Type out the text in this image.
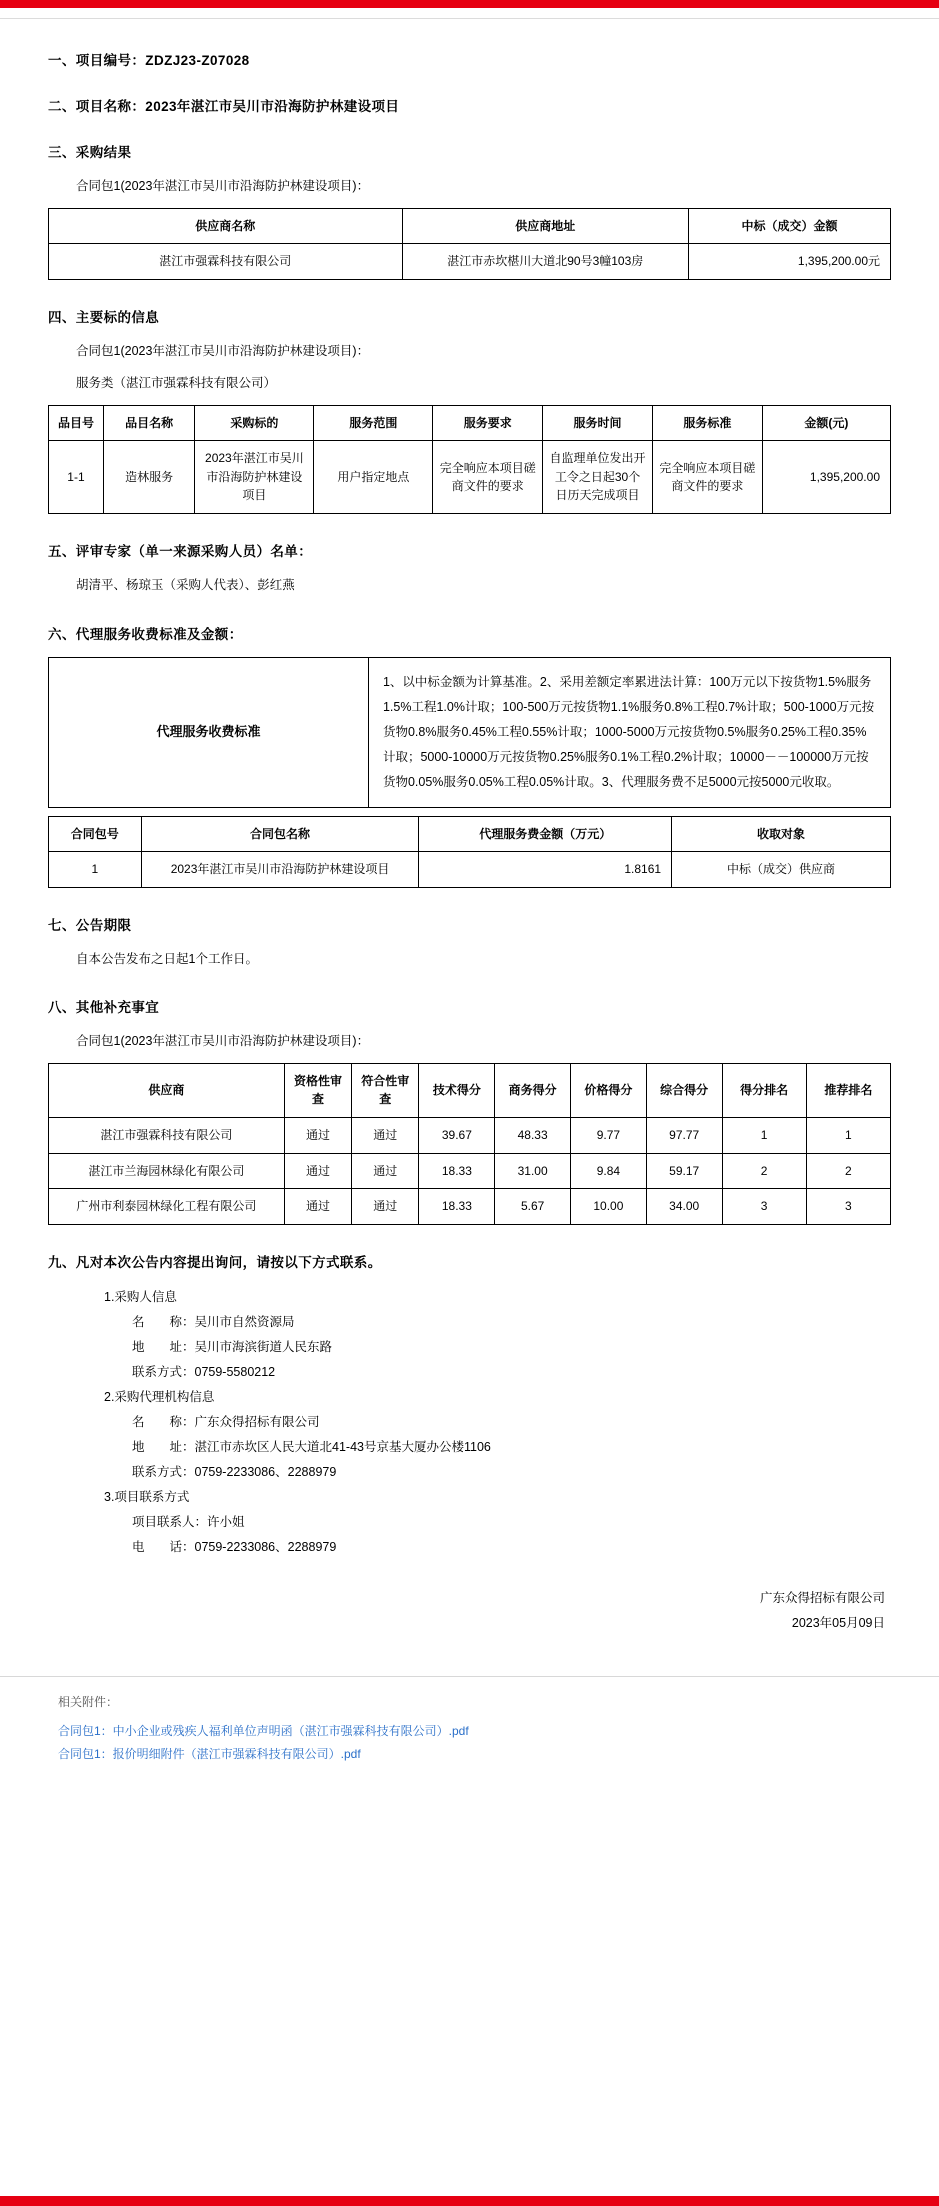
一、项目编号：ZDZJ23-Z07028
二、项目名称：2023年湛江市吴川市沿海防护林建设项目
三、采购结果
合同包1(2023年湛江市吴川市沿海防护林建设项目)：
供应商名称	供应商地址	中标（成交）金额
湛江市强霖科技有限公司	湛江市赤坎椹川大道北90号3幢103房	1,395,200.00元
四、主要标的信息
合同包1(2023年湛江市吴川市沿海防护林建设项目)：
服务类（湛江市强霖科技有限公司）
品目号	品目名称	采购标的	服务范围	服务要求	服务时间	服务标准	金额(元)
1-1	造林服务	2023年湛江市吴川市沿海防护林建设项目	用户指定地点	完全响应本项目磋商文件的要求	自监理单位发出开工令之日起30个日历天完成项目	完全响应本项目磋商文件的要求	1,395,200.00
五、评审专家（单一来源采购人员）名单：
胡清平、杨琼玉（采购人代表）、彭红燕
六、代理服务收费标准及金额：
代理服务收费标准	1、以中标金额为计算基准。2、采用差额定率累进法计算：100万元以下按货物1.5%服务1.5%工程1.0%计取；100-500万元按货物1.1%服务0.8%工程0.7%计取；500-1000万元按货物0.8%服务0.45%工程0.55%计取；1000-5000万元按货物0.5%服务0.25%工程0.35%计取；5000-10000万元按货物0.25%服务0.1%工程0.2%计取；10000－－100000万元按货物0.05%服务0.05%工程0.05%计取。3、代理服务费不足5000元按5000元收取。
合同包号	合同包名称	代理服务费金额（万元）	收取对象
1	2023年湛江市吴川市沿海防护林建设项目	1.8161	中标（成交）供应商
七、公告期限
自本公告发布之日起1个工作日。
八、其他补充事宜
合同包1(2023年湛江市吴川市沿海防护林建设项目)：
供应商	资格性审查	符合性审查	技术得分	商务得分	价格得分	综合得分	得分排名	推荐排名
湛江市强霖科技有限公司	通过	通过	39.67	48.33	9.77	97.77	1	1
湛江市兰海园林绿化有限公司	通过	通过	18.33	31.00	9.84	59.17	2	2
广州市利泰园林绿化工程有限公司	通过	通过	18.33	5.67	10.00	34.00	3	3
九、凡对本次公告内容提出询问，请按以下方式联系。
1.采购人信息
名　　称：吴川市自然资源局
地　　址：吴川市海滨街道人民东路
联系方式：0759-5580212
2.采购代理机构信息
名　　称：广东众得招标有限公司
地　　址：湛江市赤坎区人民大道北41-43号京基大厦办公楼1106
联系方式：0759-2233086、2288979
3.项目联系方式
项目联系人：许小姐
电　　话：0759-2233086、2288979
广东众得招标有限公司
2023年05月09日
相关附件：
合同包1：中小企业或残疾人福利单位声明函（湛江市强霖科技有限公司）.pdf
合同包1：报价明细附件（湛江市强霖科技有限公司）.pdf
